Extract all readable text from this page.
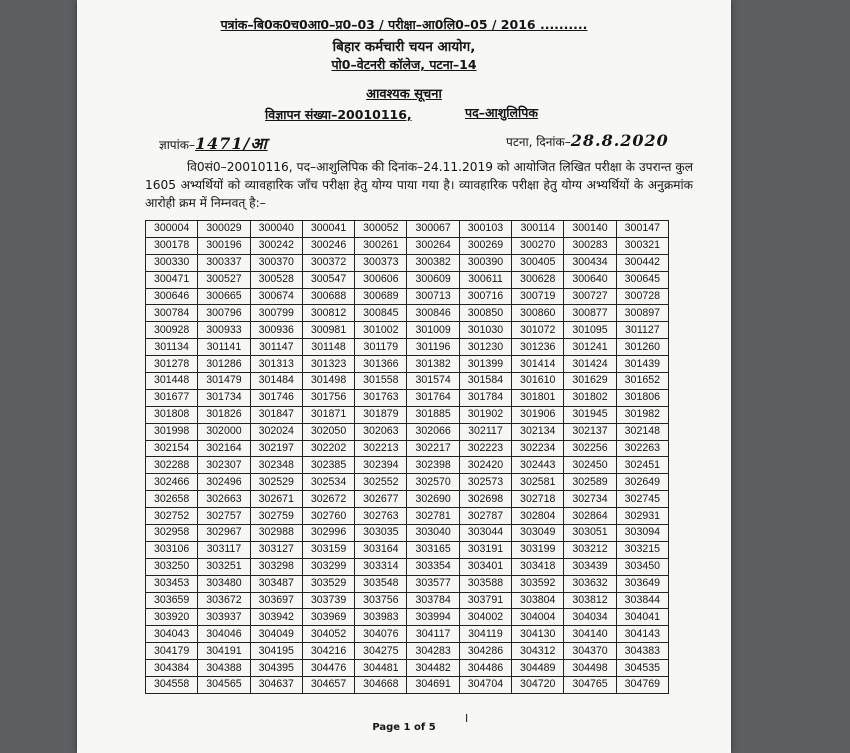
पत्रांक–बि0क0च0आ0–प्र0–03 / परीक्षा–आ0लि0–05 / 2016 ..........
बिहार कर्मचारी चयन आयोग,
पो0–वेटनरी कॉलेज, पटना–14
आवश्यक सूचना
विज्ञापन संख्या–20010116,	पद–आशुलिपिक
ज्ञापांक–1471/आ	पटना, दिनांक–28.8.2020
वि0सं0–20010116, पद–आशुलिपिक की दिनांक–24.11.2019 को आयोजित लिखित परीक्षा के उपरान्त कुल 1605 अभ्यर्थियों को व्यावहारिक जाँच परीक्षा हेतु योग्य पाया गया है। व्यावहारिक परीक्षा हेतु योग्य अभ्यर्थियों के अनुक्रमांक आरोही क्रम में निम्नवत् है:–
300004	300029	300040	300041	300052	300067	300103	300114	300140	300147
300178	300196	300242	300246	300261	300264	300269	300270	300283	300321
300330	300337	300370	300372	300373	300382	300390	300405	300434	300442
300471	300527	300528	300547	300606	300609	300611	300628	300640	300645
300646	300665	300674	300688	300689	300713	300716	300719	300727	300728
300784	300796	300799	300812	300845	300846	300850	300860	300877	300897
300928	300933	300936	300981	301002	301009	301030	301072	301095	301127
301134	301141	301147	301148	301179	301196	301230	301236	301241	301260
301278	301286	301313	301323	301366	301382	301399	301414	301424	301439
301448	301479	301484	301498	301558	301574	301584	301610	301629	301652
301677	301734	301746	301756	301763	301764	301784	301801	301802	301806
301808	301826	301847	301871	301879	301885	301902	301906	301945	301982
301998	302000	302024	302050	302063	302066	302117	302134	302137	302148
302154	302164	302197	302202	302213	302217	302223	302234	302256	302263
302288	302307	302348	302385	302394	302398	302420	302443	302450	302451
302466	302496	302529	302534	302552	302570	302573	302581	302589	302649
302658	302663	302671	302672	302677	302690	302698	302718	302734	302745
302752	302757	302759	302760	302763	302781	302787	302804	302864	302931
302958	302967	302988	302996	303035	303040	303044	303049	303051	303094
303106	303117	303127	303159	303164	303165	303191	303199	303212	303215
303250	303251	303298	303299	303314	303354	303401	303418	303439	303450
303453	303480	303487	303529	303548	303577	303588	303592	303632	303649
303659	303672	303697	303739	303756	303784	303791	303804	303812	303844
303920	303937	303942	303969	303983	303994	304002	304004	304034	304041
304043	304046	304049	304052	304076	304117	304119	304130	304140	304143
304179	304191	304195	304216	304275	304283	304286	304312	304370	304383
304384	304388	304395	304476	304481	304482	304486	304489	304498	304535
304558	304565	304637	304657	304668	304691	304704	304720	304765	304769
I
Page 1 of 5
